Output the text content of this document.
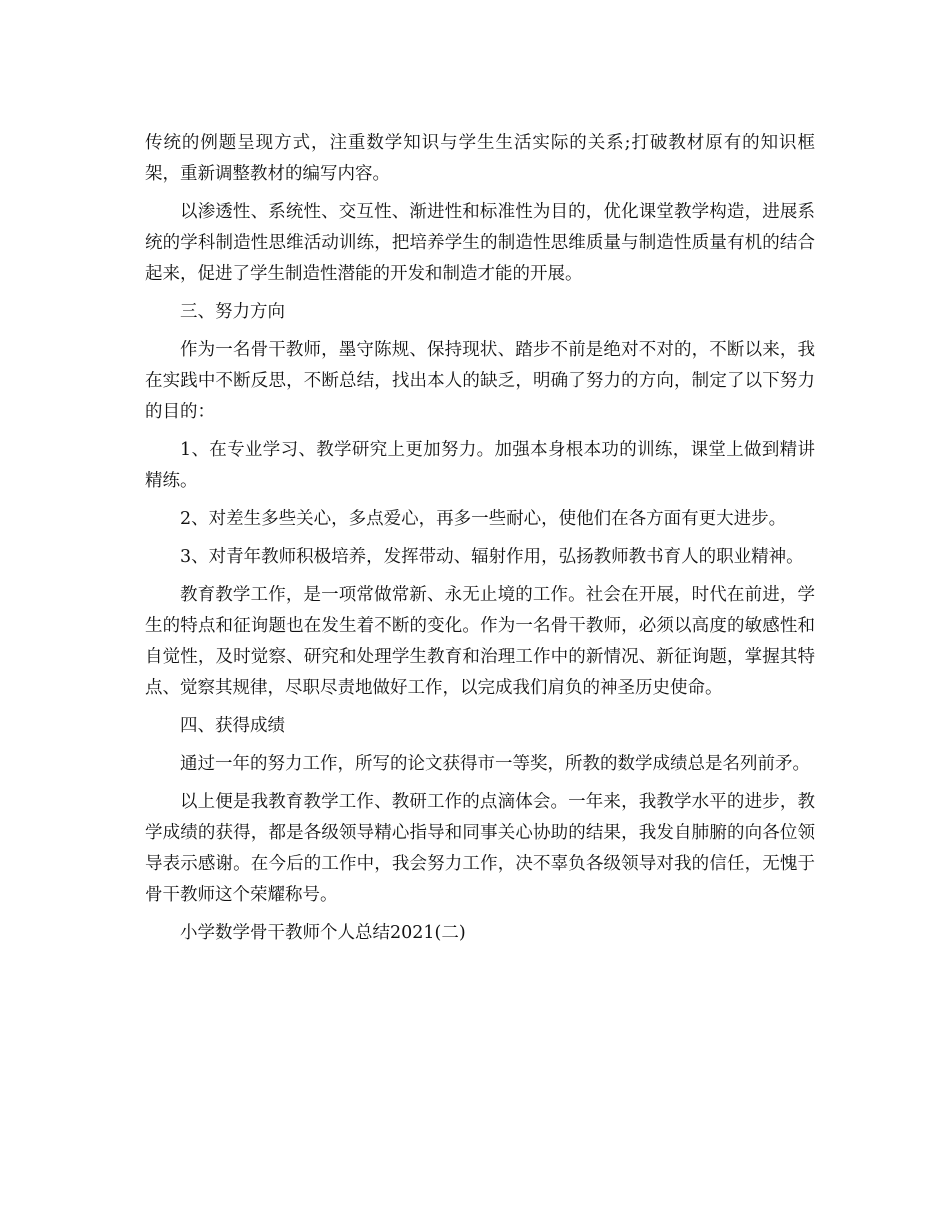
传统的例题呈现方式，注重数学知识与学生生活实际的关系;打破教材原有的知识框架，重新调整教材的编写内容。

以渗透性、系统性、交互性、渐进性和标准性为目的，优化课堂教学构造，进展系统的学科制造性思维活动训练，把培养学生的制造性思维质量与制造性质量有机的结合起来，促进了学生制造性潜能的开发和制造才能的开展。

三、努力方向

作为一名骨干教师，墨守陈规、保持现状、踏步不前是绝对不对的，不断以来，我在实践中不断反思，不断总结，找出本人的缺乏，明确了努力的方向，制定了以下努力的目的：

1、在专业学习、教学研究上更加努力。加强本身根本功的训练，课堂上做到精讲精练。

2、对差生多些关心，多点爱心，再多一些耐心，使他们在各方面有更大进步。

3、对青年教师积极培养，发挥带动、辐射作用，弘扬教师教书育人的职业精神。

教育教学工作，是一项常做常新、永无止境的工作。社会在开展，时代在前进，学生的特点和征询题也在发生着不断的变化。作为一名骨干教师，必须以高度的敏感性和自觉性，及时觉察、研究和处理学生教育和治理工作中的新情况、新征询题，掌握其特点、觉察其规律，尽职尽责地做好工作，以完成我们肩负的神圣历史使命。

四、获得成绩

通过一年的努力工作，所写的论文获得市一等奖，所教的数学成绩总是名列前矛。

以上便是我教育教学工作、教研工作的点滴体会。一年来，我教学水平的进步，教学成绩的获得，都是各级领导精心指导和同事关心协助的结果，我发自肺腑的向各位领导表示感谢。在今后的工作中，我会努力工作，决不辜负各级领导对我的信任，无愧于骨干教师这个荣耀称号。

小学数学骨干教师个人总结2021(二)
